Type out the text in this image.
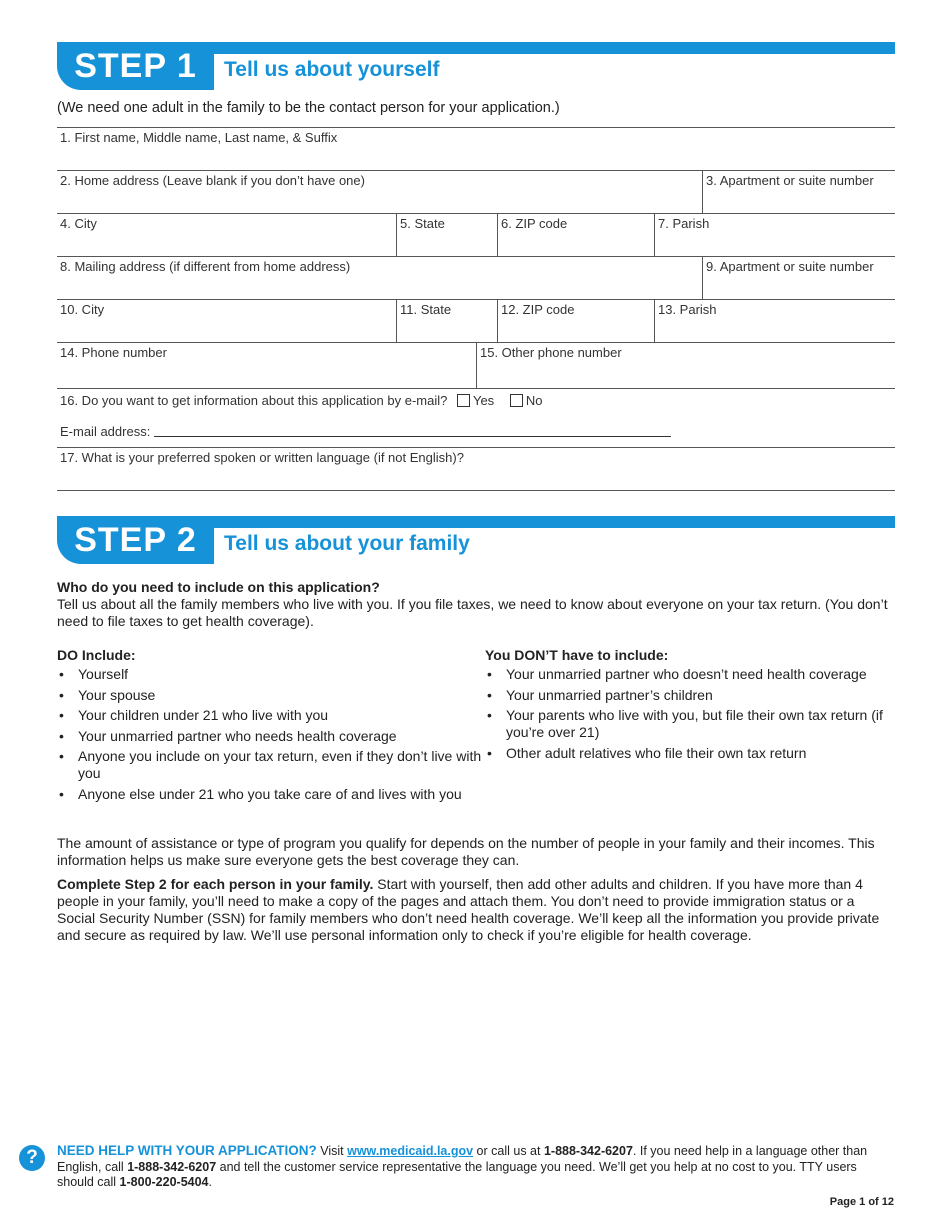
STEP 1	Tell us about yourself
(We need one adult in the family to be the contact person for your application.)
1. First name, Middle name, Last name, & Suffix
2. Home address (Leave blank if you don’t have one)	3. Apartment or suite number
4. City	5. State	6. ZIP code	7. Parish
8. Mailing address (if different from home address)	9. Apartment or suite number
10. City	11. State	12. ZIP code	13. Parish
14. Phone number	15. Other phone number
16. Do you want to get information about this application by e-mail? Yes No
E-mail address:
17. What is your preferred spoken or written language (if not English)?
STEP 2	Tell us about your family
Who do you need to include on this application?

Tell us about all the family members who live with you. If you file taxes, we need to know about everyone on your tax return. (You don’t need to file taxes to get health coverage).

DO Include:
• Yourself
• Your spouse
• Your children under 21 who live with you
• Your unmarried partner who needs health coverage
• Anyone you include on your tax return, even if they don’t live with you
• Anyone else under 21 who you take care of and lives with you
You DON’T have to include:
• Your unmarried partner who doesn’t need health coverage
• Your unmarried partner’s children
• Your parents who live with you, but file their own tax return (if you’re over 21)
• Other adult relatives who file their own tax return

The amount of assistance or type of program you qualify for depends on the number of people in your family and their incomes. This information helps us make sure everyone gets the best coverage they can.

Complete Step 2 for each person in your family. Start with yourself, then add other adults and children. If you have more than 4 people in your family, you’ll need to make a copy of the pages and attach them. You don’t need to provide immigration status or a Social Security Number (SSN) for family members who don’t need health coverage. We’ll keep all the information you provide private and secure as required by law. We’ll use personal information only to check if you’re eligible for health coverage.

?	NEED HELP WITH YOUR APPLICATION? Visit www.medicaid.la.gov or call us at 1-888-342-6207. If you need help in a language other than English, call 1-888-342-6207 and tell the customer service representative the language you need. We’ll get you help at no cost to you. TTY users should call 1-800-220-5404.
Page 1 of 12
